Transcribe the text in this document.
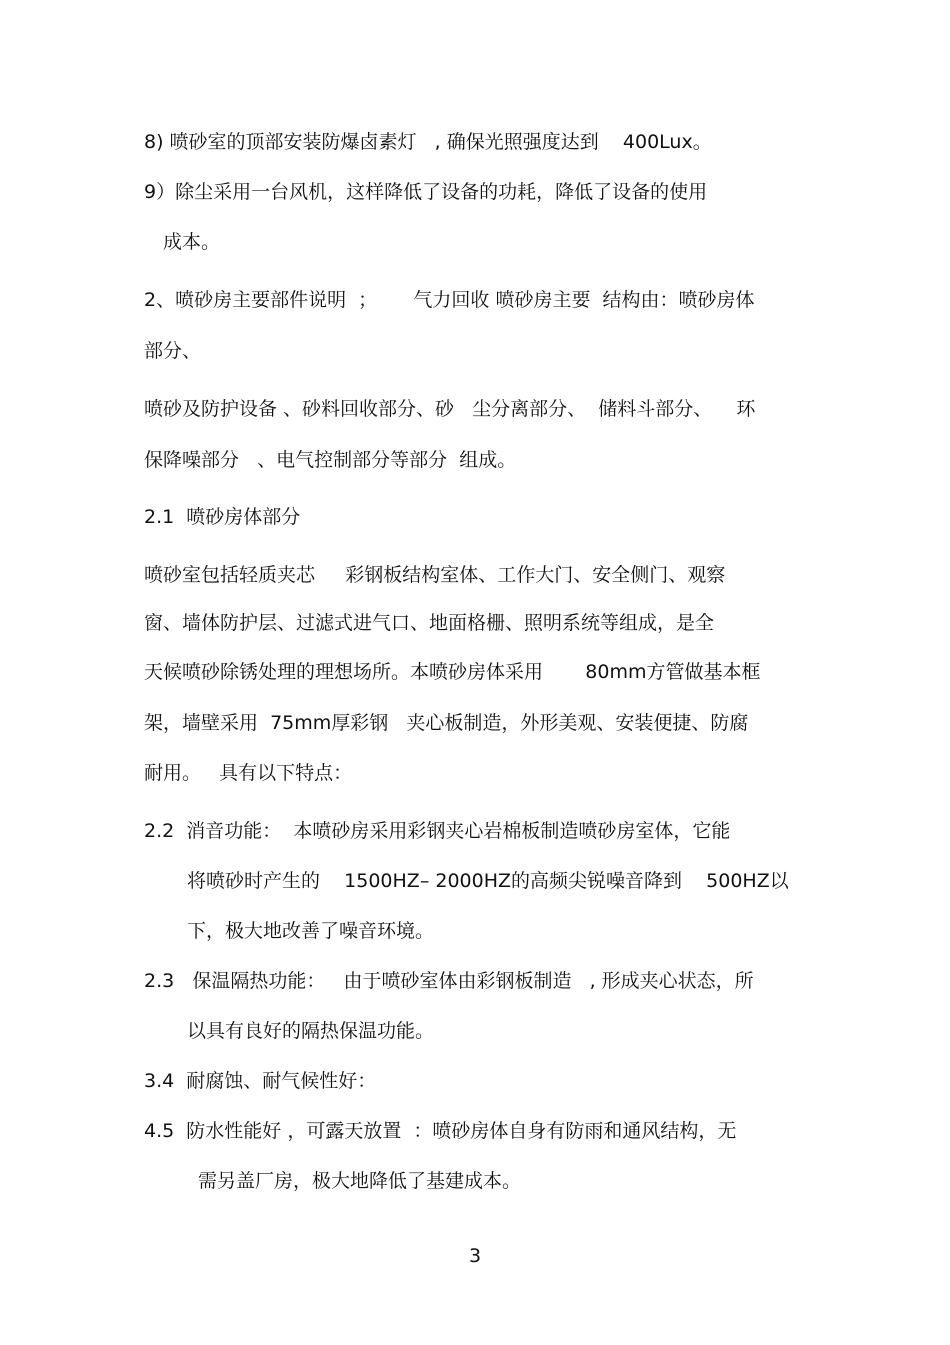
8) 喷砂室的顶部安装防爆卤素灯   , 确保光照强度达到    400Lux。
9）除尘采用一台风机，这样降低了设备的功耗，降低了设备的使用
成本。
2、喷砂房主要部件说明  ；      气力回收 喷砂房主要  结构由：喷砂房体
部分、
喷砂及防护设备 、砂料回收部分、砂   尘分离部分、  储料斗部分、    环
保降噪部分   、电气控制部分等部分  组成。
2.1  喷砂房体部分
喷砂室包括轻质夹芯     彩钢板结构室体、工作大门、安全侧门、观察
窗、墙体防护层、过滤式进气口、地面格栅、照明系统等组成，是全
天候喷砂除锈处理的理想场所。本喷砂房体采用       80mm方管做基本框
架，墙壁采用  75mm厚彩钢   夹心板制造，外形美观、安装便捷、防腐
耐用。   具有以下特点：
2.2  消音功能：  本喷砂房采用彩钢夹心岩棉板制造喷砂房室体，它能
将喷砂时产生的    1500HZ– 2000HZ的高频尖锐噪音降到    500HZ以
下，极大地改善了噪音环境。
2.3   保温隔热功能：   由于喷砂室体由彩钢板制造   , 形成夹心状态，所
以具有良好的隔热保温功能。
3.4  耐腐蚀、耐气候性好：
4.5  防水性能好 ，可露天放置  ：喷砂房体自身有防雨和通风结构，无
需另盖厂房，极大地降低了基建成本。
3
